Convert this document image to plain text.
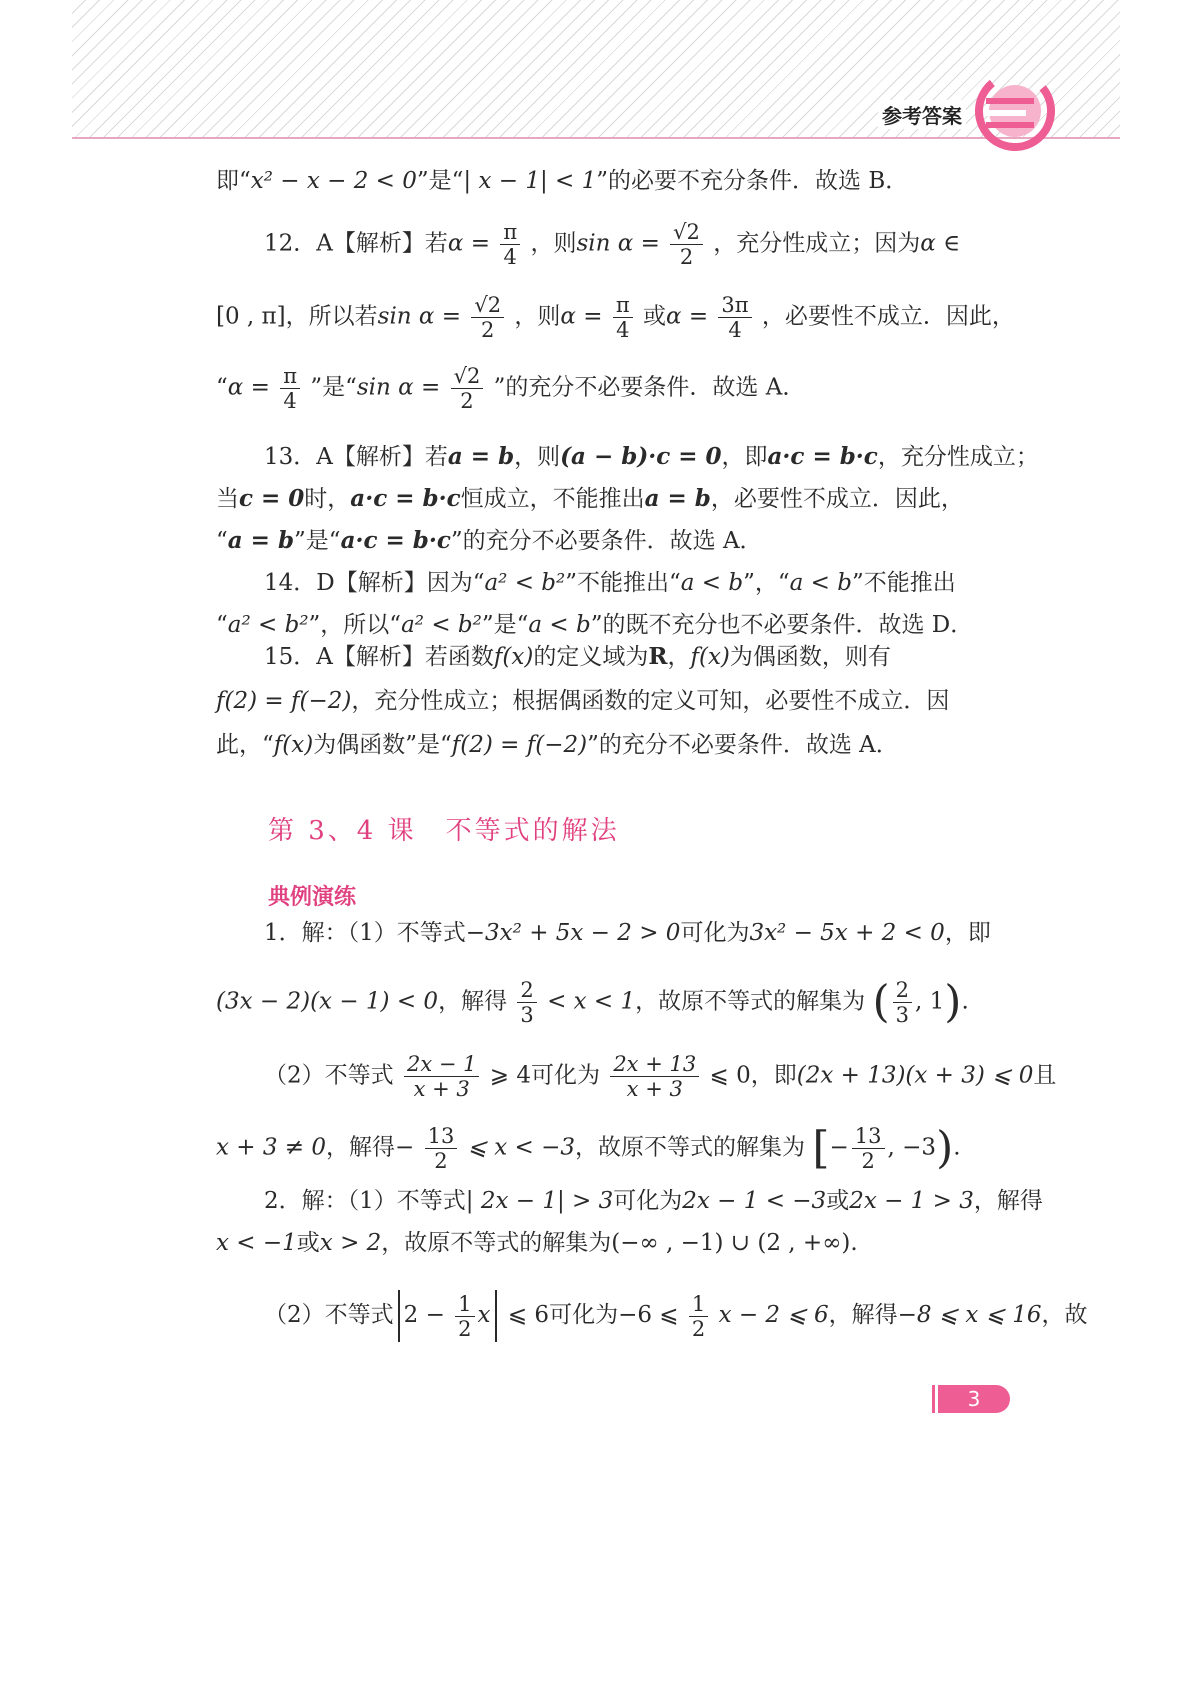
参考答案
即“x² − x − 2 < 0”是“| x − 1| < 1”的必要不充分条件．故选 B．
12．A【解析】若$\alpha = \frac{\pi}{4}$ ，则$\sin \alpha = \frac{√2}{2}$ ，充分性成立；因为α ∈
[0 , π]，所以若$\sin \alpha = \frac{√2}{2}$ ，则$\alpha = \frac{\pi}{4}$ 或$\alpha = \frac{3\pi}{4}$ ，必要性不成立．因此，
“$\alpha = \frac{\pi}{4}$ ”是“sin $\alpha = \frac{√2}{2}$ ”的充分不必要条件．故选 A．
13．A【解析】若a = b，则(a − b)·c = 0，即a·c = b·c，充分性成立；
当c = 0时，a·c = b·c恒成立，不能推出a = b，必要性不成立．因此，
“a = b”是“a·c = b·c”的充分不必要条件．故选 A．
14．D【解析】因为“a² < b²”不能推出“a < b”，“a < b”不能推出
“a² < b²”，所以“a² < b²”是“a < b”的既不充分也不必要条件．故选 D．
15．A【解析】若函数f(x)的定义域为R，f(x)为偶函数，则有
f(2) = f(−2)，充分性成立；根据偶函数的定义可知，必要性不成立．因
此，“f(x)为偶函数”是“f(2) = f(−2)”的充分不必要条件．故选 A．
第 3、4 课　不等式的解法
典例演练
1．解：（1）不等式−3x² + 5x − 2 > 0可化为3x² − 5x + 2 < 0，即
(3x − 2)(x − 1) < 0，解得 $\frac{2}{3} < x < 1$，故原不等式的解集为 ( $\frac{2}{3}$ , 1).
（2）不等式 $\frac{2x - 1}{x + 3}$ ⩾ 4可化为 $\frac{2x + 13}{x + 3}$ ⩽ 0，即(2x + 13)(x + 3) ⩽ 0且
x + 3 ≠ 0，解得− $\frac{13}{2}$ ⩽ x < −3，故原不等式的解集为 [− $\frac{13}{2}$ , −3).
2．解：（1）不等式| 2x − 1| > 3可化为2x − 1 < −3或2x − 1 > 3，解得
x < −1或x > 2，故原不等式的解集为(−∞ , −1) ∪ (2 , +∞).
（2）不等式 $2 - \frac{1}{2}$ x ⩽ 6可化为−6 ⩽ $\frac{1}{2}$ x − 2 ⩽ 6，解得−8 ⩽ x ⩽ 16，故
3
